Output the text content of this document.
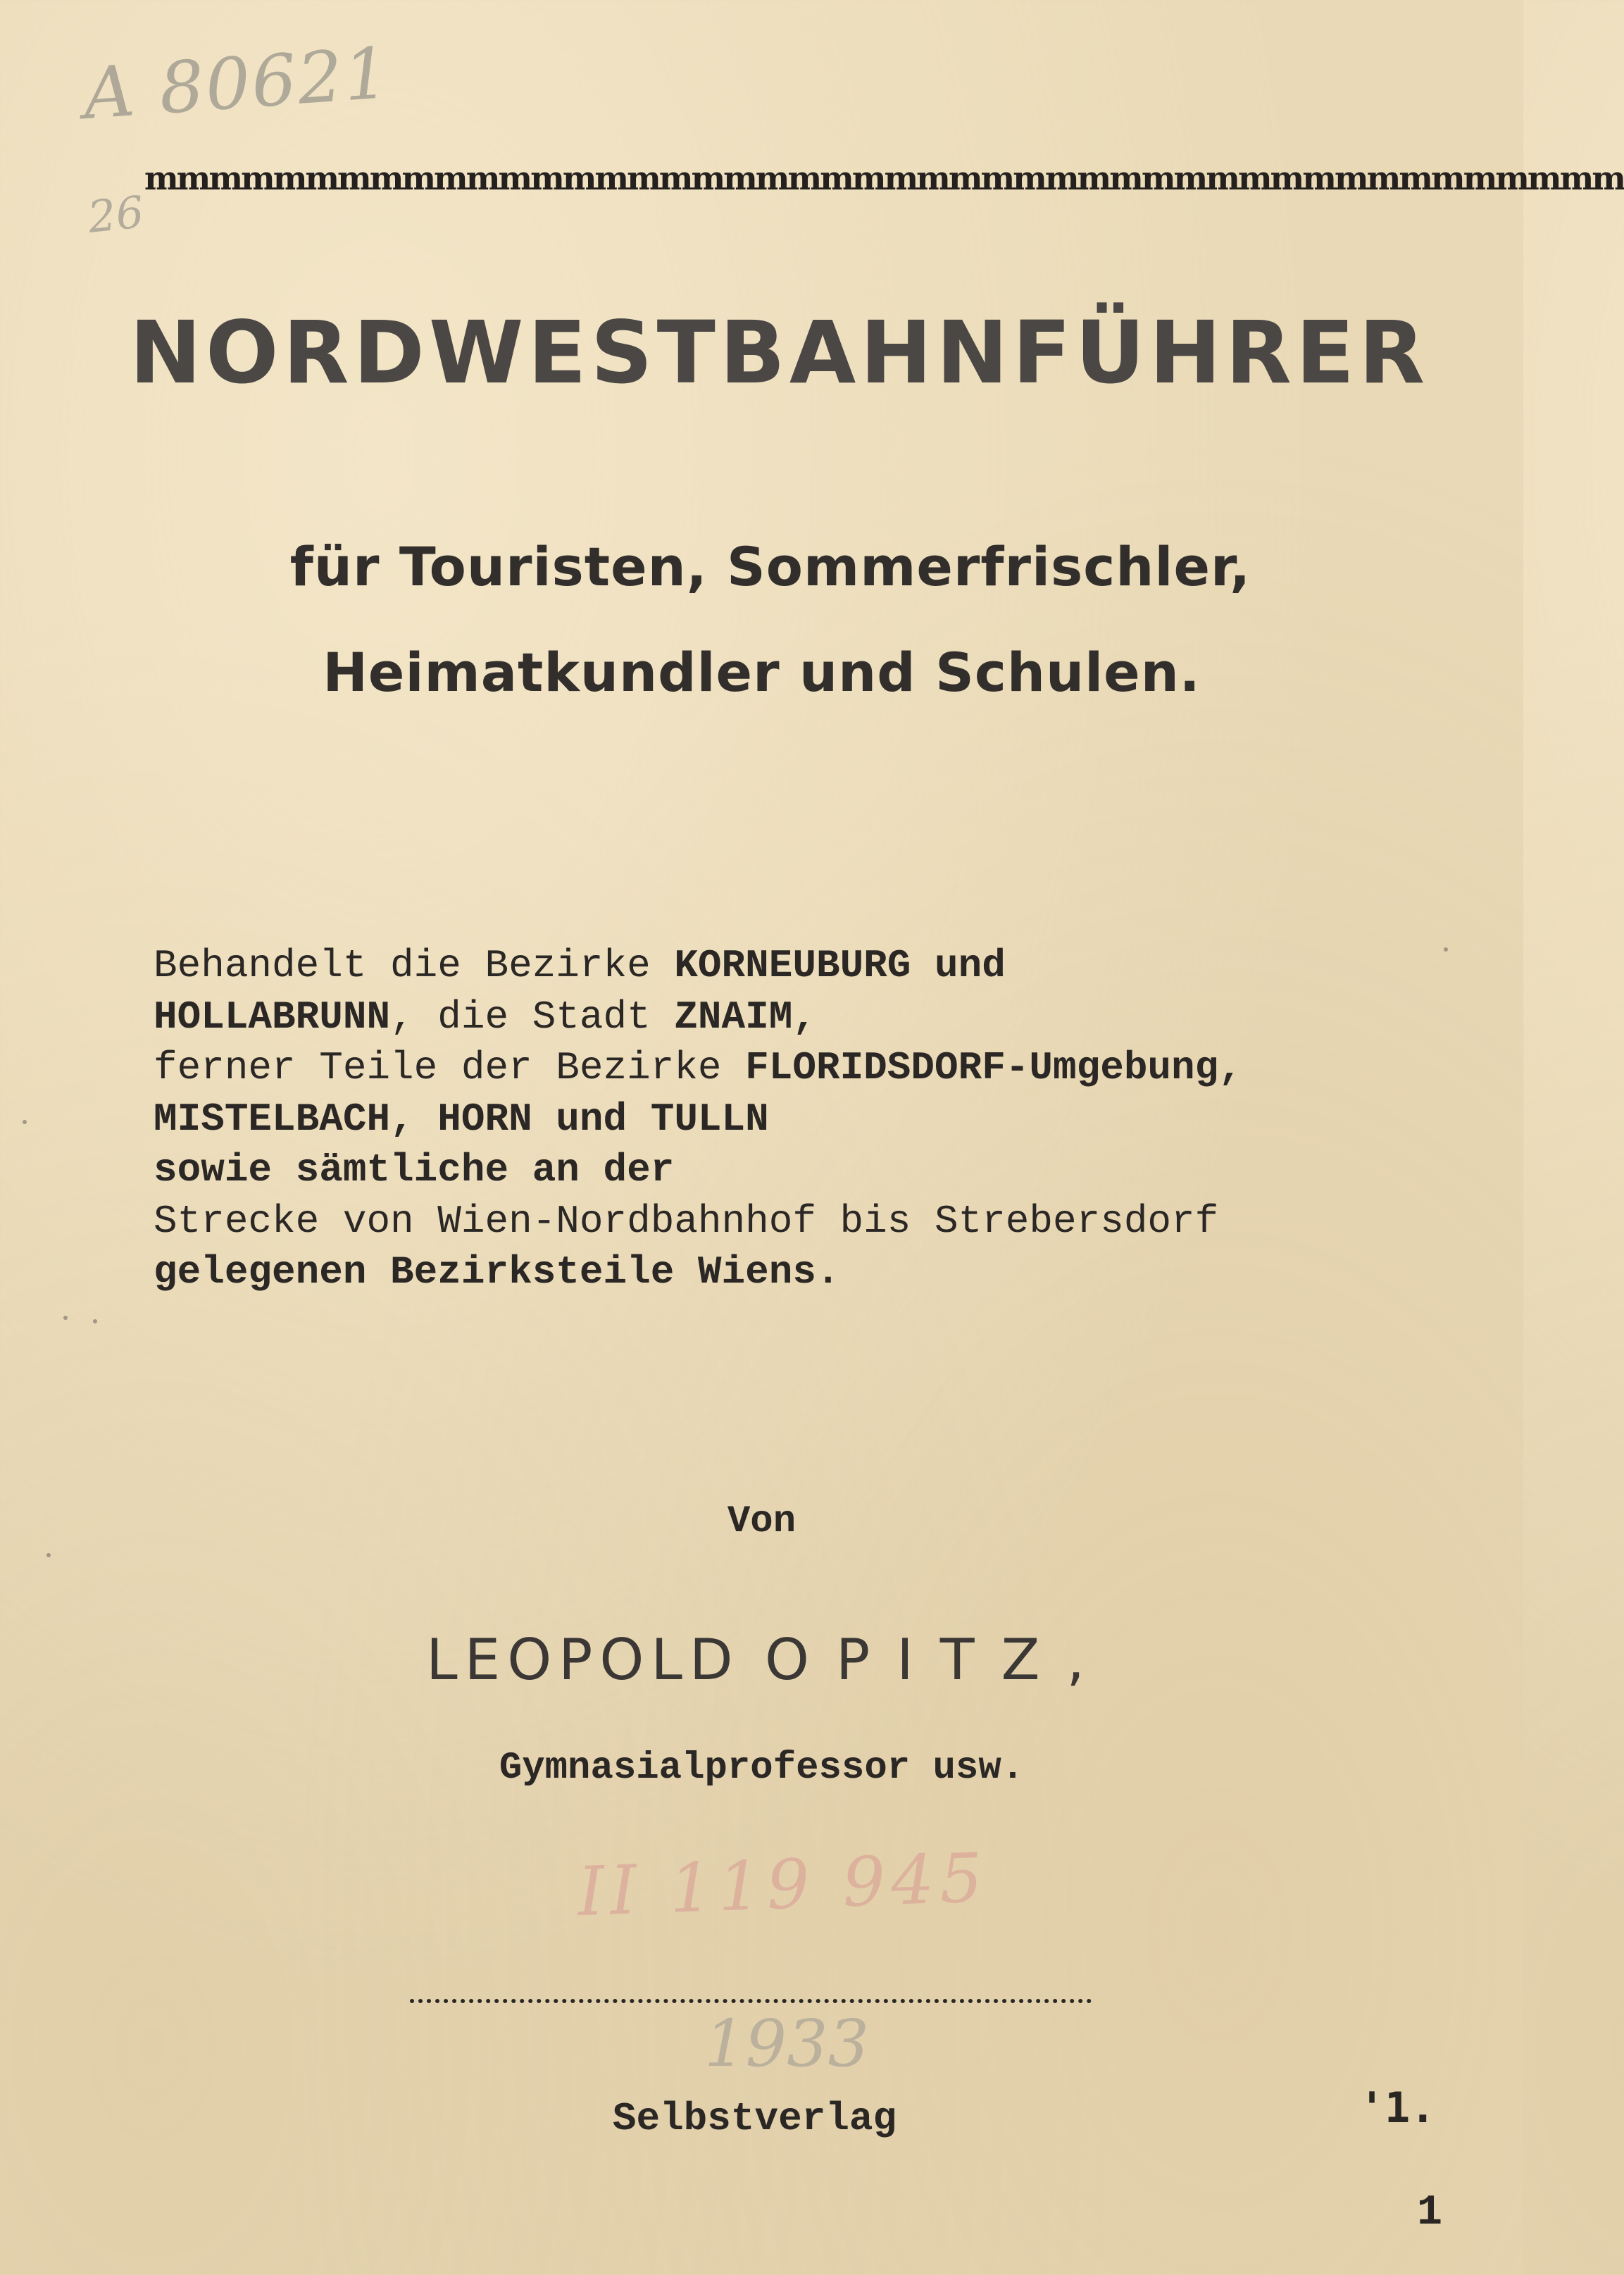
A 80621
26
mmmmmmmmmmmmmmmmmmmmmmmmmmmmmmmmmmmmmmmmmmmmmm
NORDWESTBAHNFÜHRER
für Touristen, Sommerfrischler,
Heimatkundler und Schulen.
Behandelt die Bezirke KORNEUBURG und
HOLLABRUNN, die Stadt ZNAIM,
ferner Teile der Bezirke FLORIDSDORF-Umgebung,
MISTELBACH, HORN und TULLN
sowie sämtliche an der
Strecke von Wien-Nordbahnhof bis Strebersdorf
gelegenen Bezirksteile Wiens.
Von
LEOPOLD OPITZ,
Gymnasialprofessor usw.
II 119 945
1933
Selbstverlag	'1.
1
